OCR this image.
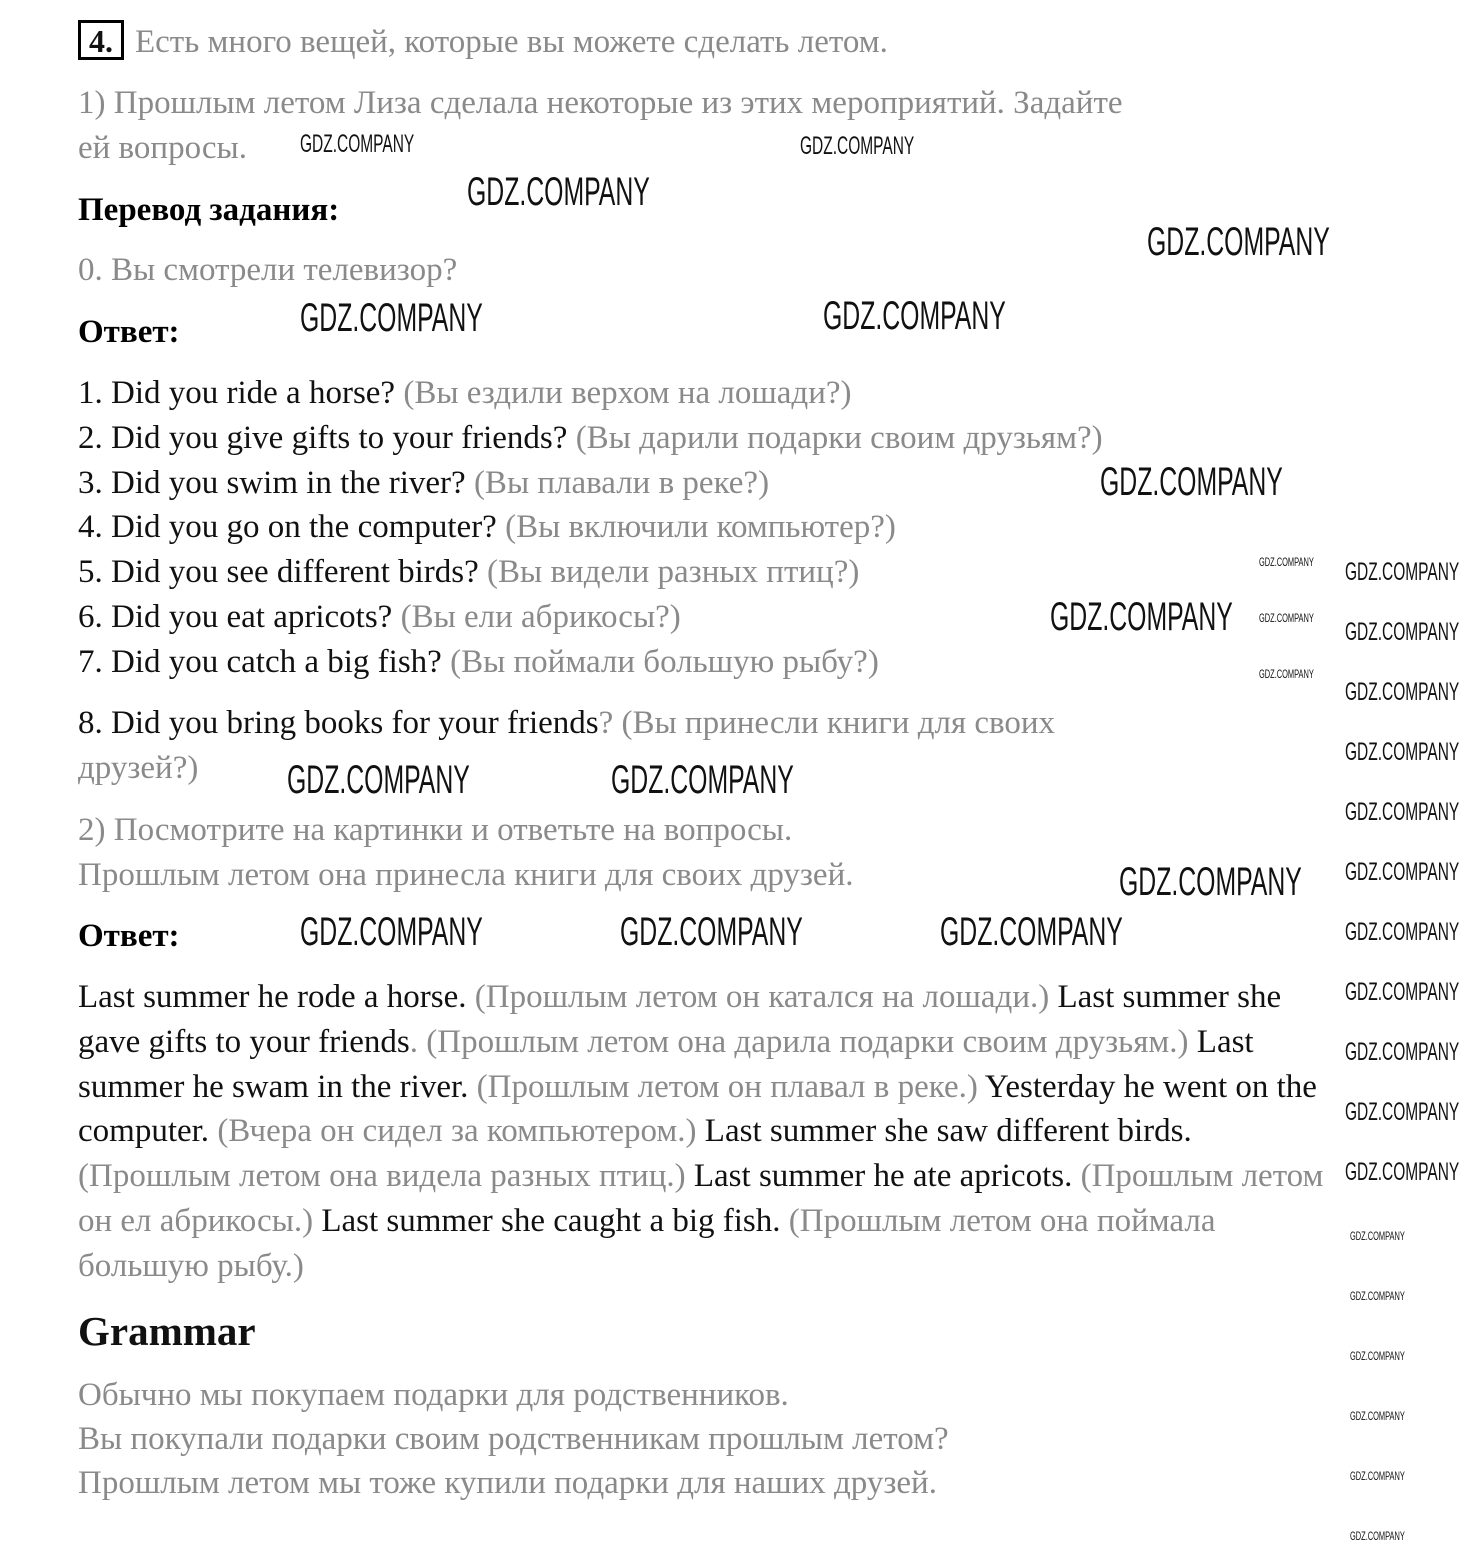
4. Есть много вещей, которые вы можете сделать летом.
1) Прошлым летом Лиза сделала некоторые из этих мероприятий. Задайте
ей вопросы.
Перевод задания:
0. Вы смотрели телевизор?
Ответ:
1. Did you ride a horse? (Вы ездили верхом на лошади?)
2. Did you give gifts to your friends? (Вы дарили подарки своим друзьям?)
3. Did you swim in the river? (Вы плавали в реке?)
4. Did you go on the computer? (Вы включили компьютер?)
5. Did you see different birds? (Вы видели разных птиц?)
6. Did you eat apricots? (Вы ели абрикосы?)
7. Did you catch a big fish? (Вы поймали большую рыбу?)
8. Did you bring books for your friends? (Вы принесли книги для своих
друзей?)
2) Посмотрите на картинки и ответьте на вопросы.
Прошлым летом она принесла книги для своих друзей.
Ответ:
Last summer he rode a horse. (Прошлым летом он катался на лошади.) Last summer she gave gifts to your friends. (Прошлым летом она дарила подарки своим друзьям.) Last summer he swam in the river. (Прошлым летом он плавал в реке.) Yesterday he went on the computer. (Вчера он сидел за компьютером.) Last summer she saw different birds. (Прошлым летом она видела разных птиц.) Last summer he ate apricots. (Прошлым летом он ел абрикосы.) Last summer she caught a big fish. (Прошлым летом она поймала большую рыбу.)
Grammar
Обычно мы покупаем подарки для родственников.
Вы покупали подарки своим родственникам прошлым летом?
Прошлым летом мы тоже купили подарки для наших друзей.
GDZ.COMPANY
GDZ.COMPANY
GDZ.COMPANY	GDZ.COMPANY
GDZ.COMPANY
GDZ.COMPANY
GDZ.COMPANY	GDZ.COMPANY
GDZ.COMPANY
GDZ.COMPANY	GDZ.COMPANY	GDZ.COMPANY
GDZ.COMPANY	GDZ.COMPANY
GDZ.COMPANY
GDZ.COMPANY
GDZ.COMPANY
GDZ.COMPANY
GDZ.COMPANY
GDZ.COMPANY
GDZ.COMPANY
GDZ.COMPANY
GDZ.COMPANY
GDZ.COMPANY
GDZ.COMPANY
GDZ.COMPANY
GDZ.COMPANY
GDZ.COMPANY
GDZ.COMPANY
GDZ.COMPANY
GDZ.COMPANY
GDZ.COMPANY
GDZ.COMPANY
GDZ.COMPANY
